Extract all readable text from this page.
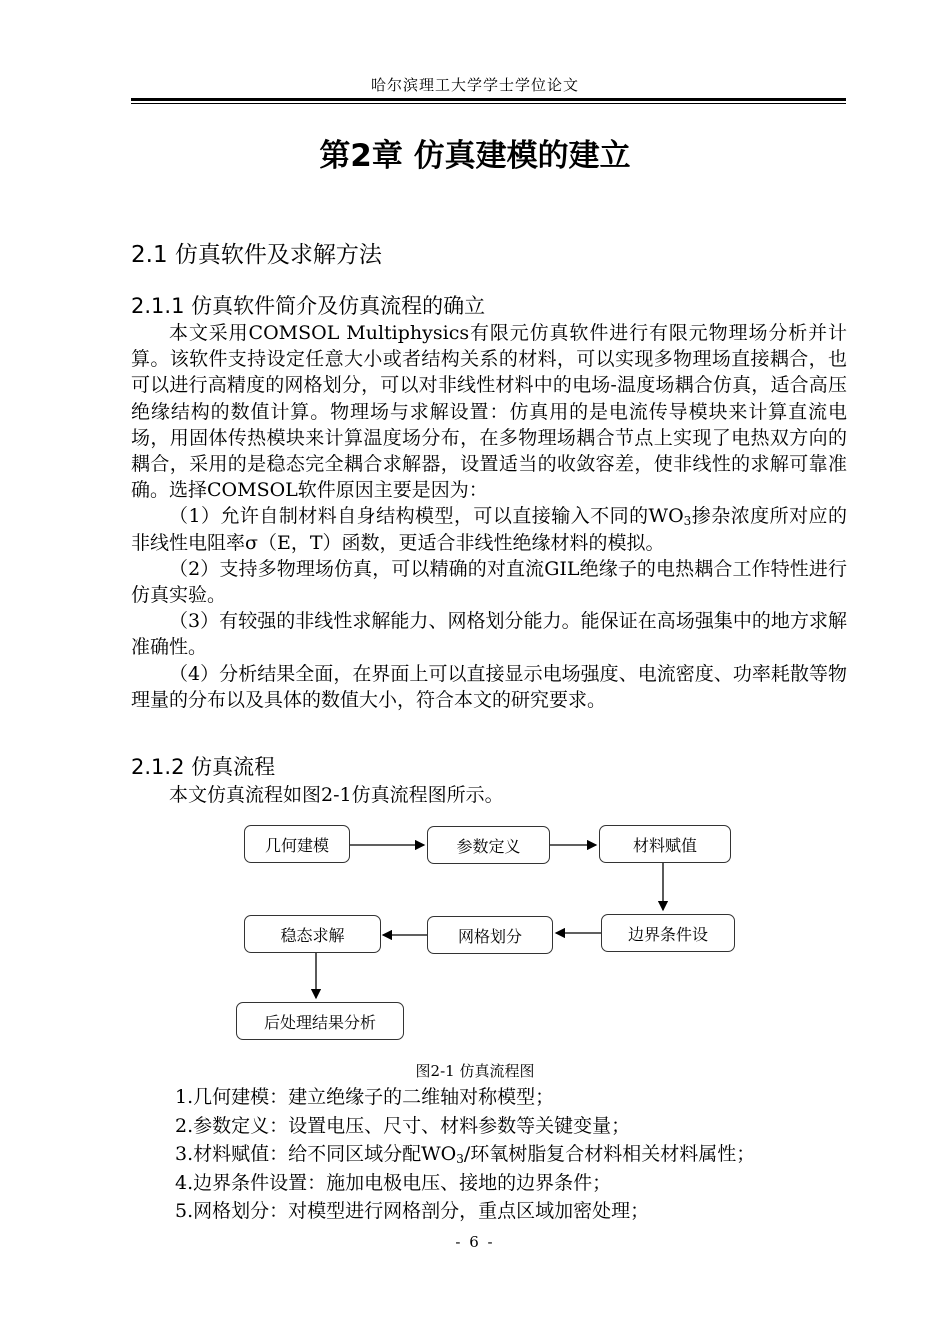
哈尔滨理工大学学士学位论文
第2章 仿真建模的建立
2.1 仿真软件及求解方法
2.1.1 仿真软件简介及仿真流程的确立

本文采用COMSOL Multiphysics有限元仿真软件进行有限元物理场分析并计算。该软件支持设定任意大小或者结构关系的材料，可以实现多物理场直接耦合，也可以进行高精度的网格划分，可以对非线性材料中的电场-温度场耦合仿真，适合高压绝缘结构的数值计算。物理场与求解设置：仿真用的是电流传导模块来计算直流电场，用固体传热模块来计算温度场分布，在多物理场耦合节点上实现了电热双方向的耦合，采用的是稳态完全耦合求解器，设置适当的收敛容差，使非线性的求解可靠准确。选择COMSOL软件原因主要是因为：

（1）允许自制材料自身结构模型，可以直接输入不同的$WO_3$掺杂浓度所对应的非线性电阻率σ（E，T）函数，更适合非线性绝缘材料的模拟。

（2）支持多物理场仿真，可以精确的对直流GIL绝缘子的电热耦合工作特性进行仿真实验。

（3）有较强的非线性求解能力、网格划分能力。能保证在高场强集中的地方求解准确性。

（4）分析结果全面，在界面上可以直接显示电场强度、电流密度、功率耗散等物理量的分布以及具体的数值大小，符合本文的研究要求。

2.1.2 仿真流程

本文仿真流程如图2-1仿真流程图所示。

几何建模	参数定义	材料赋值
边界条件设
网格划分
稳态求解
后处理结果分析
图2-1 仿真流程图
1.几何建模：建立绝缘子的二维轴对称模型；
2.参数定义：设置电压、尺寸、材料参数等关键变量；
3.材料赋值：给不同区域分配$WO_3/$环氧树脂复合材料相关材料属性；
4.边界条件设置：施加电极电压、接地的边界条件；
5.网格划分：对模型进行网格剖分，重点区域加密处理；
- 6 -
